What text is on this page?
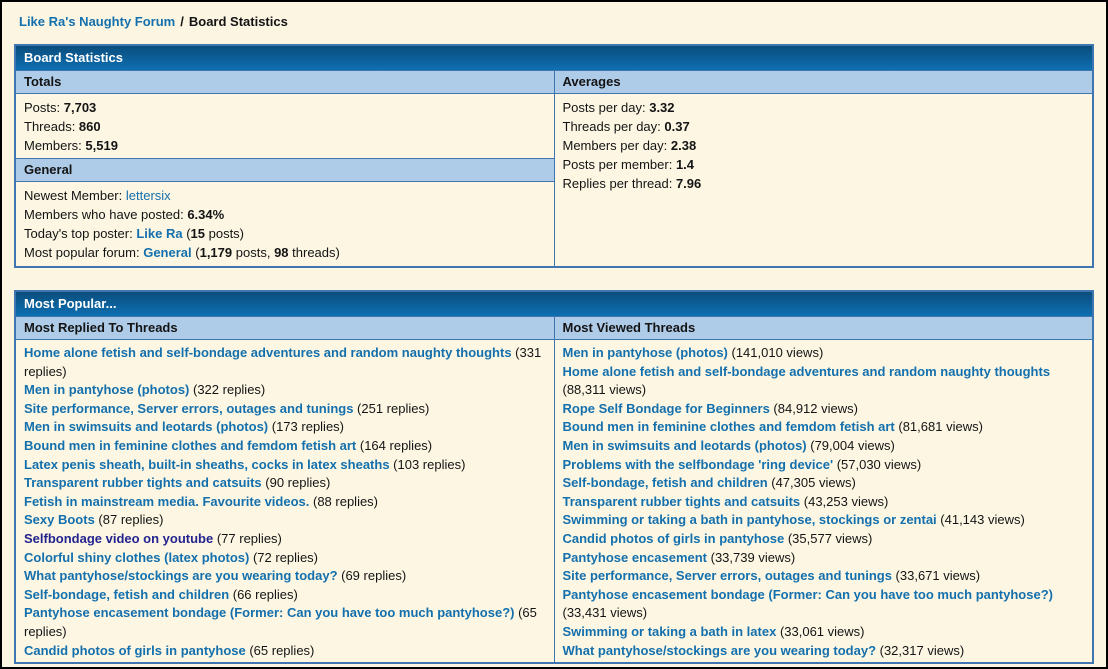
Like Ra's Naughty Forum / Board Statistics
Board Statistics
Totals
Posts: 7,703
Threads: 860
Members: 5,519
General
Newest Member: lettersix
Members who have posted: 6.34%
Today's top poster: Like Ra (15 posts)
Most popular forum: General (1,179 posts, 98 threads)
Averages
Posts per day: 3.32
Threads per day: 0.37
Members per day: 2.38
Posts per member: 1.4
Replies per thread: 7.96
Most Popular...
Most Replied To Threads
Home alone fetish and self-bondage adventures and random naughty thoughts (331 replies)
Men in pantyhose (photos) (322 replies)
Site performance, Server errors, outages and tunings (251 replies)
Men in swimsuits and leotards (photos) (173 replies)
Bound men in feminine clothes and femdom fetish art (164 replies)
Latex penis sheath, built-in sheaths, cocks in latex sheaths (103 replies)
Transparent rubber tights and catsuits (90 replies)
Fetish in mainstream media. Favourite videos. (88 replies)
Sexy Boots (87 replies)
Selfbondage video on youtube (77 replies)
Colorful shiny clothes (latex photos) (72 replies)
What pantyhose/stockings are you wearing today? (69 replies)
Self-bondage, fetish and children (66 replies)
Pantyhose encasement bondage (Former: Can you have too much pantyhose?) (65 replies)
Candid photos of girls in pantyhose (65 replies)
Most Viewed Threads
Men in pantyhose (photos) (141,010 views)
Home alone fetish and self-bondage adventures and random naughty thoughts (88,311 views)
Rope Self Bondage for Beginners (84,912 views)
Bound men in feminine clothes and femdom fetish art (81,681 views)
Men in swimsuits and leotards (photos) (79,004 views)
Problems with the selfbondage 'ring device' (57,030 views)
Self-bondage, fetish and children (47,305 views)
Transparent rubber tights and catsuits (43,253 views)
Swimming or taking a bath in pantyhose, stockings or zentai (41,143 views)
Candid photos of girls in pantyhose (35,577 views)
Pantyhose encasement (33,739 views)
Site performance, Server errors, outages and tunings (33,671 views)
Pantyhose encasement bondage (Former: Can you have too much pantyhose?) (33,431 views)
Swimming or taking a bath in latex (33,061 views)
What pantyhose/stockings are you wearing today? (32,317 views)
